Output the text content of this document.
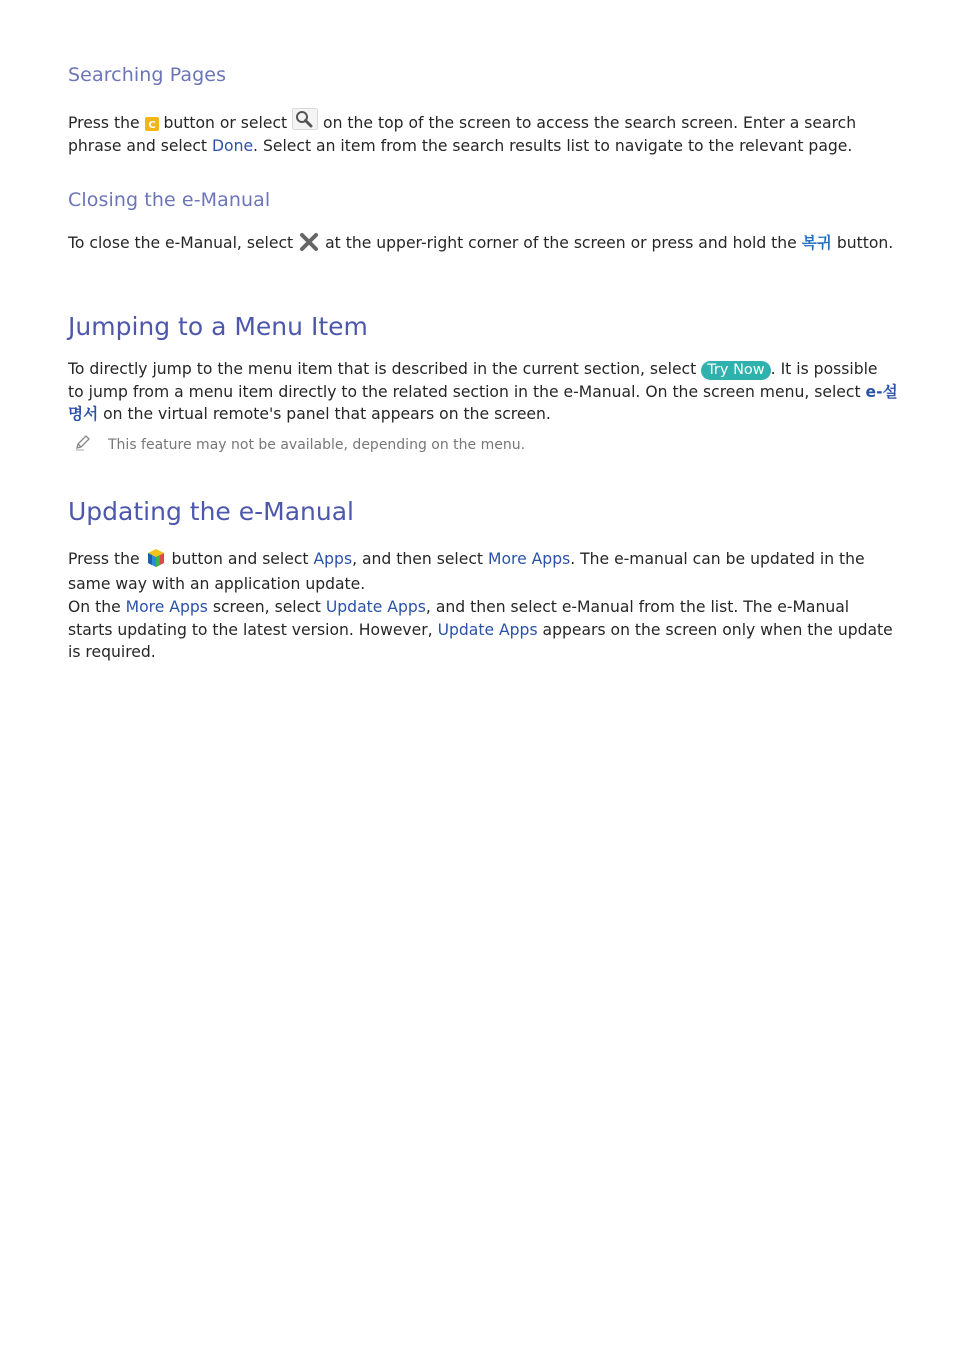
Searching Pages

Press the C button or select  on the top of the screen to access the search screen. Enter a search phrase and select Done. Select an item from the search results list to navigate to the relevant page.

Closing the e-Manual

To close the e-Manual, select  at the upper-right corner of the screen or press and hold the 복귀 button.

Jumping to a Menu Item

To directly jump to the menu item that is described in the current section, select Try Now . It is possible to jump from a menu item directly to the related section in the e-Manual. On the screen menu, select e-설명서 on the virtual remote's panel that appears on the screen.

This feature may not be available, depending on the menu.
Updating the e-Manual

Press the  button and select Apps, and then select More Apps. The e-manual can be updated in the same way with an application update.

On the More Apps screen, select Update Apps, and then select e-Manual from the list. The e-Manual starts updating to the latest version. However, Update Apps appears on the screen only when the update is required.
